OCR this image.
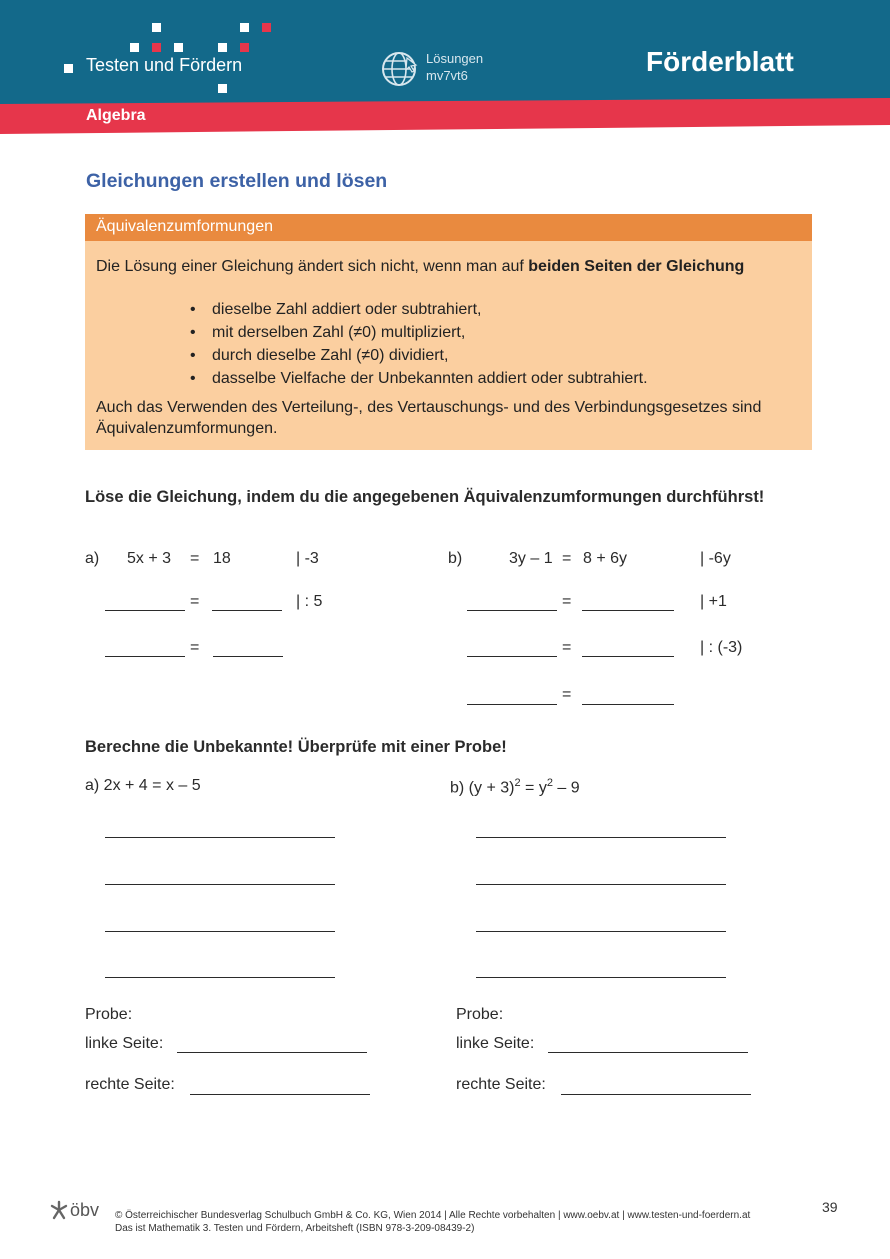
Testen und Fördern	Lösungen
mv7vt6	Förderblatt
Algebra
Gleichungen erstellen und lösen
Äquivalenzumformungen
Die Lösung einer Gleichung ändert sich nicht, wenn man auf beiden Seiten der Gleichung
• dieselbe Zahl addiert oder subtrahiert,
• mit derselben Zahl (≠0) multipliziert,
• durch dieselbe Zahl (≠0) dividiert,
• dasselbe Vielfache der Unbekannten addiert oder subtrahiert.
Auch das Verwenden des Verteilung-, des Vertauschungs- und des Verbindungsgesetzes sind Äquivalenzumformungen.
Löse die Gleichung, indem du die angegebenen Äquivalenzumformungen durchführst!
a) 5x + 3 = 18	| -3
=	| : 5
=
b)	3y – 1 = 8 + 6y	| -6y
=	| +1
=	| : (-3)
=
Berechne die Unbekannte! Überprüfe mit einer Probe!
a) 2x + 4 = x – 5	b) $(y + 3)^2 = y^2 - 9$
Probe:
linke Seite:
rechte Seite:
Probe:
linke Seite:
rechte Seite:
öbv © Österreichischer Bundesverlag Schulbuch GmbH & Co. KG, Wien 2014 | Alle Rechte vorbehalten | www.oebv.at | www.testen-und-foerdern.at
Das ist Mathematik 3. Testen und Fördern, Arbeitsheft (ISBN 978-3-209-08439-2)
39
